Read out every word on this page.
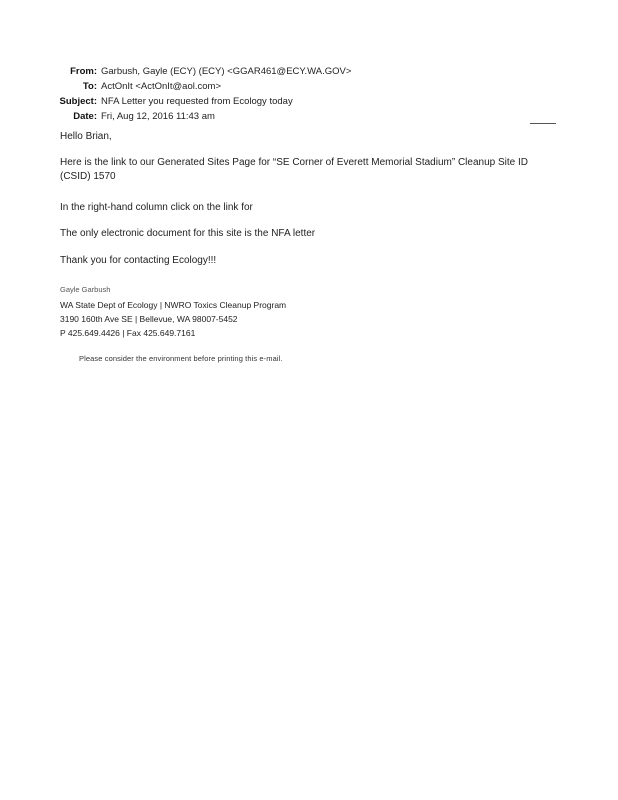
From: Garbush, Gayle (ECY) (ECY) <GGAR461@ECY.WA.GOV>
To: ActOnIt <ActOnIt@aol.com>
Subject: NFA Letter you requested from Ecology today
Date: Fri, Aug 12, 2016 11:43 am

Hello Brian,

Here is the link to our Generated Sites Page for “SE Corner of Everett Memorial Stadium” Cleanup Site ID (CSID) 1570

In the right-hand column click on the link for

The only electronic document for this site is the NFA letter

Thank you for contacting Ecology!!!

Gayle Garbush
WA State Dept of Ecology | NWRO Toxics Cleanup Program
3190 160th Ave SE | Bellevue, WA 98007-5452
P 425.649.4426 | Fax 425.649.7161
Please consider the environment before printing this e-mail.
